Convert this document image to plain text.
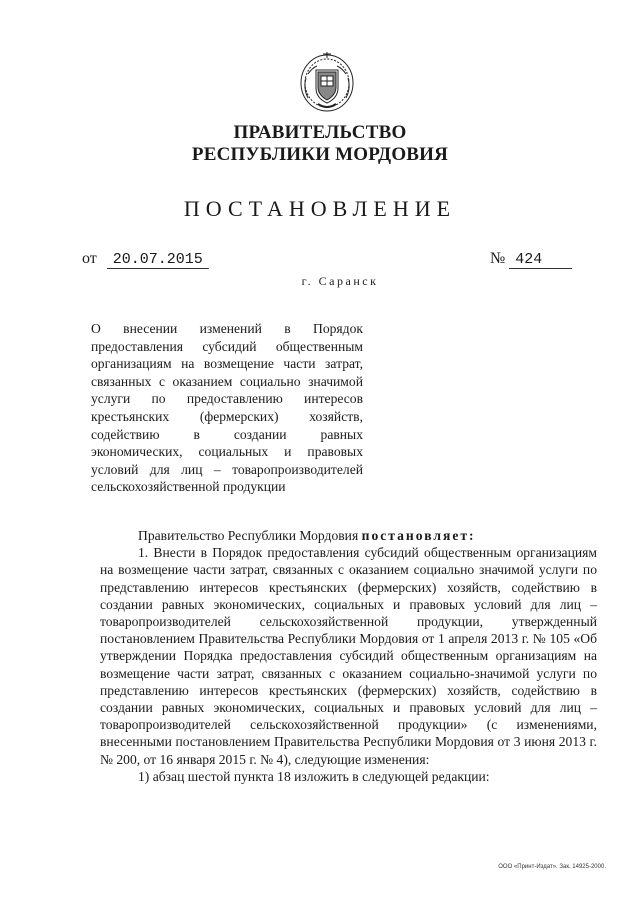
ПРАВИТЕЛЬСТВО
РЕСПУБЛИКИ МОРДОВИЯ
ПОСТАНОВЛЕНИЕ
от 20.07.2015	№ 424
г. Саранск
О внесении изменений в Порядок предоставления субсидий общественным организациям на возмещение части затрат, связанных с оказанием социально значимой услуги по предоставлению интересов крестьянских (фермерских) хозяйств, содействию в создании равных экономических, социальных и правовых условий для лиц – товаропроизводителей сельскохозяйственной продукции
Правительство Республики Мордовия постановляет:
1. Внести в Порядок предоставления субсидий общественным организациям на возмещение части затрат, связанных с оказанием социально значимой услуги по представлению интересов крестьянских (фермерских) хозяйств, содействию в создании равных экономических, социальных и правовых условий для лиц – товаропроизводителей сельскохозяйственной продукции, утвержденный постановлением Правительства Республики Мордовия от 1 апреля 2013 г. № 105 «Об утверждении Порядка предоставления субсидий общественным организациям на возмещение части затрат, связанных с оказанием социально-значимой услуги по представлению интересов крестьянских (фермерских) хозяйств, содействию в создании равных экономических, социальных и правовых условий для лиц – товаропроизводителей сельскохозяйственной продукции» (с изменениями, внесенными постановлением Правительства Республики Мордовия от 3 июня 2013 г. № 200, от 16 января 2015 г. № 4), следующие изменения:
1) абзац шестой пункта 18 изложить в следующей редакции:
ООО «Принт-Издат». Зак. 14925-2000.
